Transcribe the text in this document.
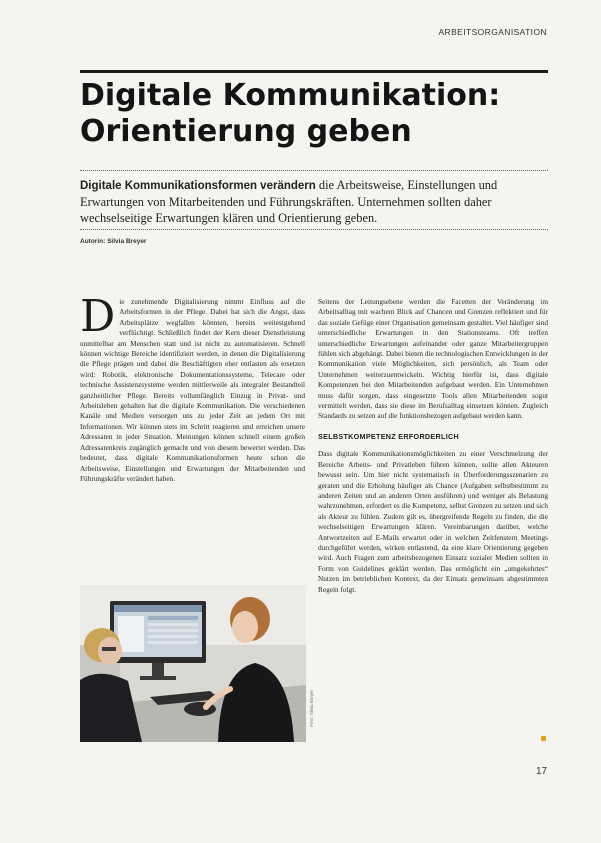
ARBEITSORGANISATION
Digitale Kommunikation:
Orientierung geben

Digitale Kommunikationsformen verändern die Arbeitsweise, Einstellungen und Erwartungen von Mitarbeitenden und Führungskräften. Unternehmen sollten daher wechselseitige Erwartungen klären und Orientierung geben.

Autorin: Silvia Breyer

Die zunehmende Digitalisierung nimmt Einfluss auf die Arbeitsformen in der Pflege. Dabei hat sich die Angst, dass Arbeitsplätze wegfallen könnten, bereits weitestgehend verflüchtigt. Schließlich findet der Kern dieser Dienstleistung unmittelbar am Menschen statt und ist nicht zu automatisieren. Schnell können wichtige Bereiche identifiziert werden, in denen die Digitalisierung die Pflege prägen und dabei die Beschäftigten eher entlasten als ersetzen wird: Robotik, elektronische Dokumentationssysteme, Telecare oder technische Assistenzsysteme werden mittlerweile als integraler Bestandteil ganzheitlicher Pflege. Bereits vollumfänglich Einzug in Privat- und Arbeitsleben gehalten hat die digitale Kommunikation. Die verschiedenen Kanäle und Medien versorgen uns zu jeder Zeit an jedem Ort mit Informationen. Wir können stets im Schritt reagieren und erreichen unsere Adressaten in jeder Situation. Meinungen können schnell einem großen Adressatenkreis zugänglich gemacht und von diesem bewertet werden. Das bedeutet, dass digitale Kommunikationsformen heute schon die Arbeitsweise, Einstellungen und Erwartungen der Mitarbeitenden und Führungskräfte verändert haben.

Foto: Silvia Breyer

Seitens der Leitungsebene werden die Facetten der Veränderung im Arbeitsalltag mit wachem Blick auf Chancen und Grenzen reflektiert und für das soziale Gefüge einer Organisation gemeinsam gestaltet. Viel häufiger sind unterschiedliche Erwartungen in den Stationsteams. Oft treffen unterschiedliche Erwartungen aufeinander oder ganze Mitarbeitergruppen fühlen sich abgehängt. Dabei bieten die technologischen Entwicklungen in der Kommunikation viele Möglichkeiten, sich persönlich, als Team oder Unternehmen weiterzuentwickeln. Wichtig hierfür ist, dass digitale Kompetenzen bei den Mitarbeitenden aufgebaut werden. Ein Unternehmen muss dafür sorgen, dass eingesetzte Tools allen Mitarbeitenden sogut vermittelt werden, dass sie diese im Berufsalltag einsetzen können. Zugleich Standards zu setzen auf die funktionsbezogen aufgebaut werden kann.

SELBSTKOMPETENZ ERFORDERLICH

Dass digitale Kommunikationsmöglichkeiten zu einer Verschmelzung der Bereiche Arbeits- und Privatleben führen können, sollte allen Akteuren bewusst sein. Um hier nicht systematisch in Überforderungsszenarien zu geraten und die Erholung häufiger als Chance (Aufgaben selbstbestimmt zu anderen Zeiten und an anderen Orten ausführen) und weniger als Belastung wahrzunehmen, erfordert es die Kompetenz, selbst Grenzen zu setzen und sich als Akteur zu fühlen. Zudem gilt es, übergreifende Regeln zu finden, die die wechselseitigen Erwartungen klären. Vereinbarungen darüber, welche Antwortzeiten auf E-Mails erwartet oder in welchen Zeitfenstern Meetings durchgeführt werden, wirken entlastend, da eine klare Orientierung gegeben wird. Auch Fragen zum arbeitsbezogenen Einsatz sozialer Medien sollten in Form von Guidelines geklärt werden. Das ermöglicht ein „umgekehrtes“ Nutzen im betrieblichen Kontext, da der Einsatz gemeinsam abgestimmten Regeln folgt.

17
